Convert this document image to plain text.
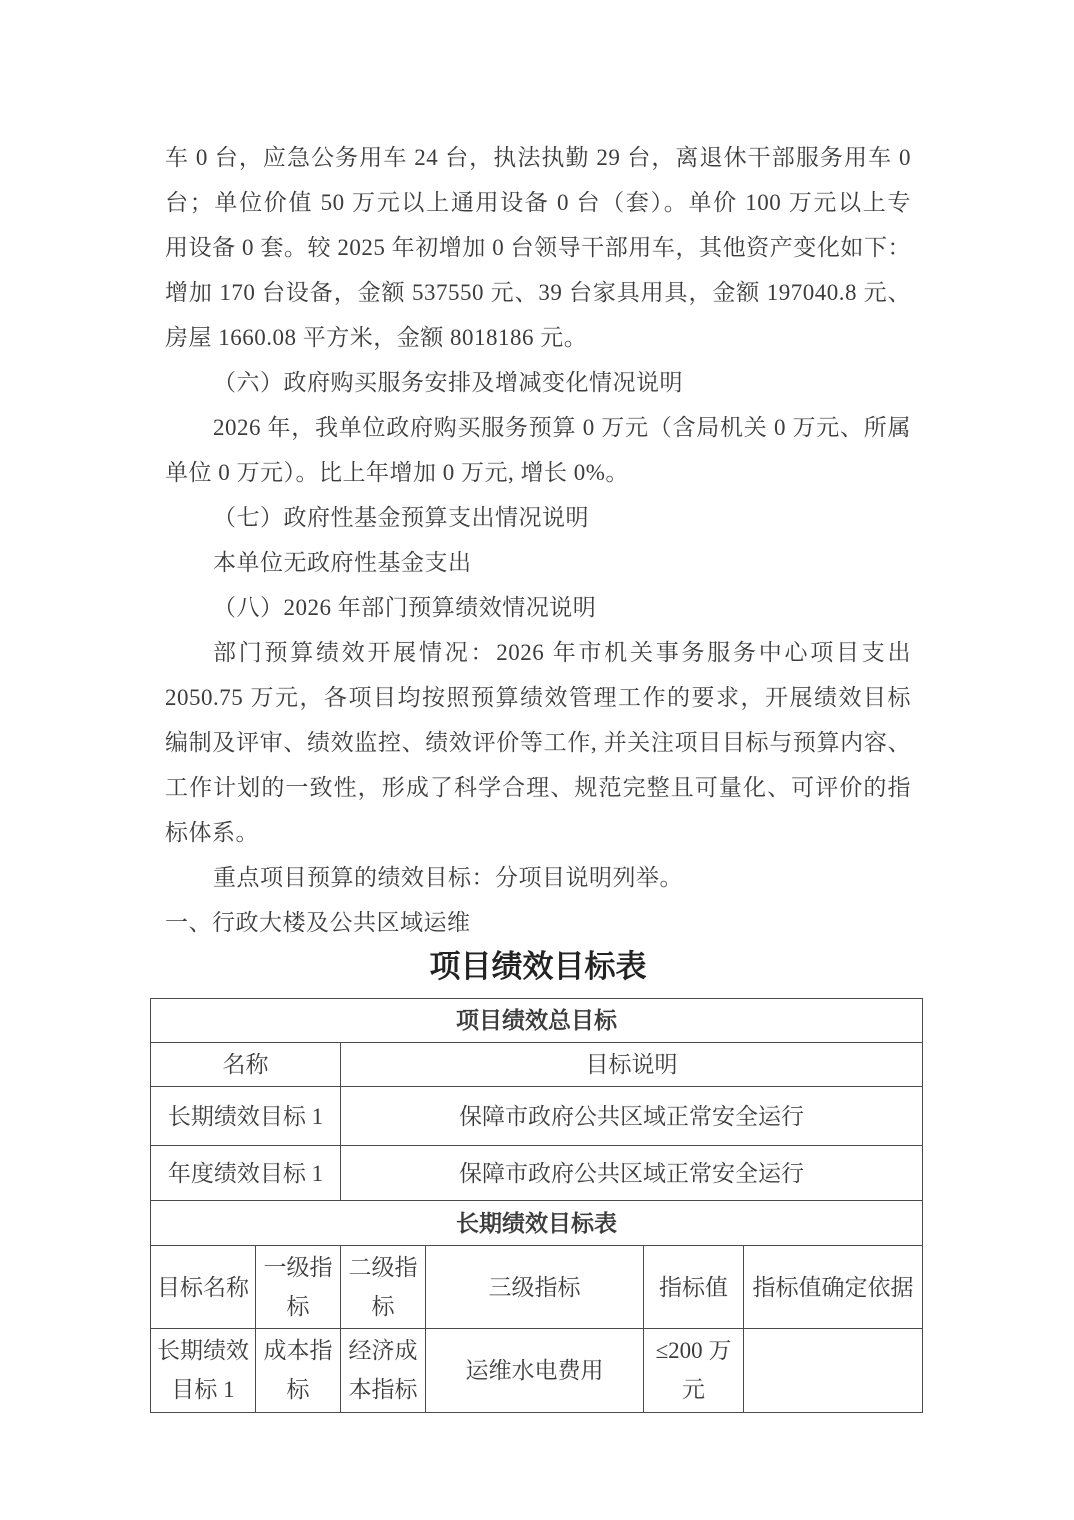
车 0 台，应急公务用车 24 台，执法执勤 29 台，离退休干部服务用车 0
台；单位价值 50 万元以上通用设备 0 台（套）。单价 100 万元以上专
用设备 0 套。较 2025 年初增加 0 台领导干部用车，其他资产变化如下：
增加 170 台设备，金额 537550 元、39 台家具用具，金额 197040.8 元、
房屋 1660.08 平方米，金额 8018186 元。
（六）政府购买服务安排及增减变化情况说明
2026 年，我单位政府购买服务预算 0 万元（含局机关 0 万元、所属
单位 0 万元）。比上年增加 0 万元, 增长 0%。
（七）政府性基金预算支出情况说明
本单位无政府性基金支出
（八）2026 年部门预算绩效情况说明
部门预算绩效开展情况：2026 年市机关事务服务中心项目支出
2050.75 万元，各项目均按照预算绩效管理工作的要求，开展绩效目标
编制及评审、绩效监控、绩效评价等工作, 并关注项目目标与预算内容、
工作计划的一致性，形成了科学合理、规范完整且可量化、可评价的指
标体系。
重点项目预算的绩效目标：分项目说明列举。
一、行政大楼及公共区域运维
项目绩效目标表
项目绩效总目标					
名称		目标说明			
长期绩效目标 1		保障市政府公共区域正常安全运行			
年度绩效目标 1		保障市政府公共区域正常安全运行			
长期绩效目标表					
目标名称	一级指标	二级指标	三级指标	指标值	指标值确定依据
长期绩效目标 1	成本指标	经济成本指标	运维水电费用	≤200 万元	
